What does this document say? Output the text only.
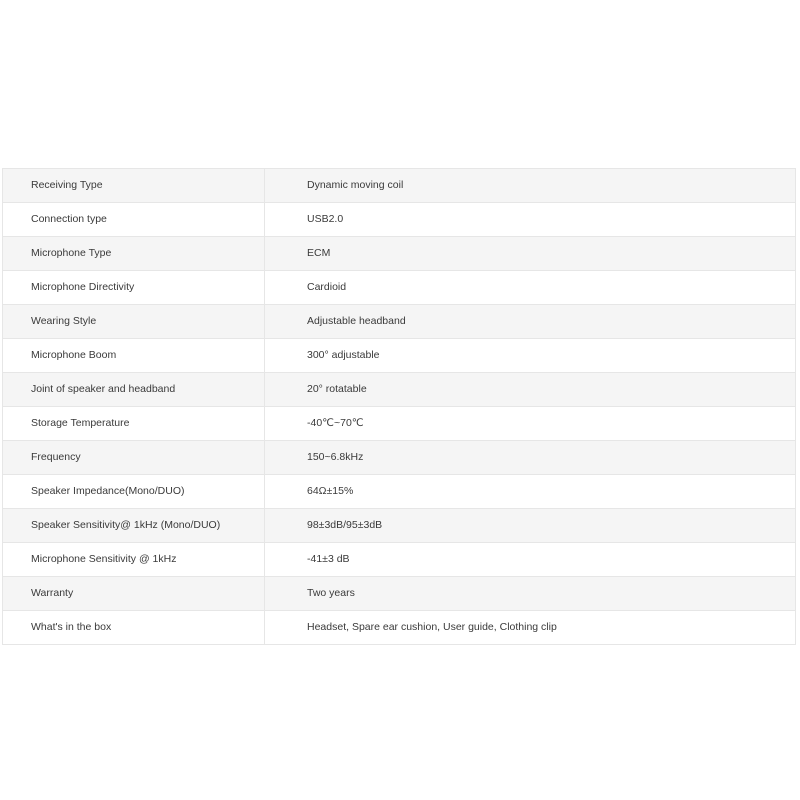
Receiving Type	Dynamic moving coil
Connection type	USB2.0
Microphone Type	ECM
Microphone Directivity	Cardioid
Wearing Style	Adjustable headband
Microphone Boom	300° adjustable
Joint of speaker and headband	20° rotatable
Storage Temperature	-40℃~70℃
Frequency	150~6.8kHz
Speaker Impedance(Mono/DUO)	64Ω±15%
Speaker Sensitivity@ 1kHz (Mono/DUO)	98±3dB/95±3dB
Microphone Sensitivity @ 1kHz	-41±3 dB
Warranty	Two years
What's in the box	Headset, Spare ear cushion, User guide, Clothing clip
